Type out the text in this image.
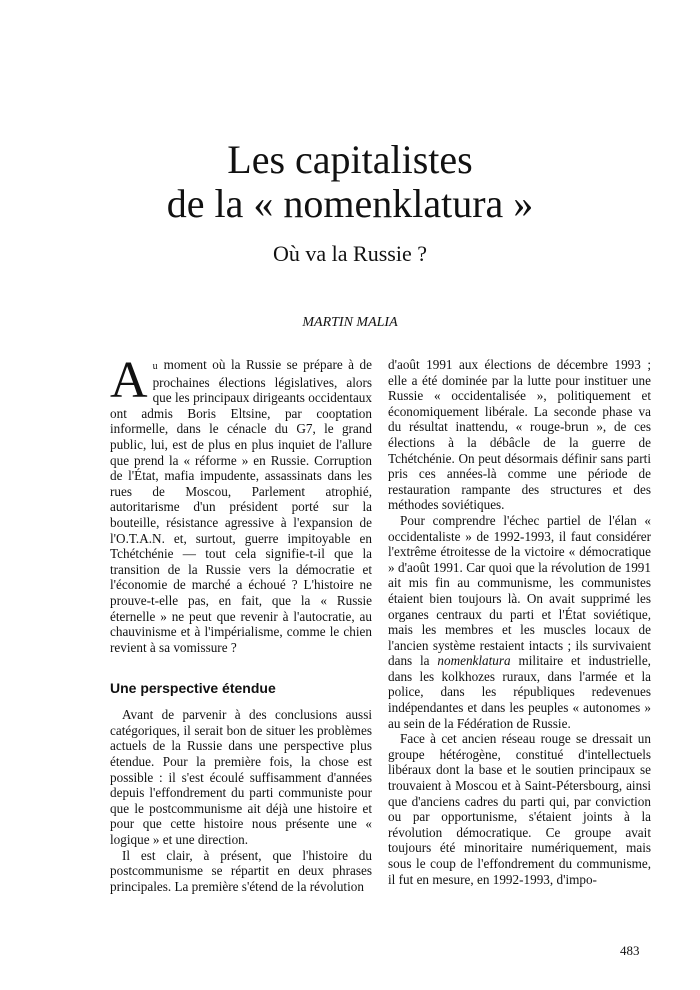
Les capitalistes
de la « nomenklatura »
Où va la Russie ?
MARTIN MALIA

Au moment où la Russie se prépare à de prochaines élections législatives, alors que les principaux dirigeants occidentaux ont admis Boris Eltsine, par cooptation informelle, dans le cénacle du G7, le grand public, lui, est de plus en plus inquiet de l'allure que prend la « réforme » en Russie. Corruption de l'État, mafia impudente, assassinats dans les rues de Moscou, Parlement atrophié, autoritarisme d'un président porté sur la bouteille, résistance agressive à l'expansion de l'O.T.A.N. et, surtout, guerre impitoyable en Tchétchénie — tout cela signifie-t-il que la transition de la Russie vers la démocratie et l'économie de marché a échoué ? L'histoire ne prouve-t-elle pas, en fait, que la « Russie éternelle » ne peut que revenir à l'autocratie, au chauvinisme et à l'impérialisme, comme le chien revient à sa vomissure ?

Une perspective étendue

Avant de parvenir à des conclusions aussi catégoriques, il serait bon de situer les problèmes actuels de la Russie dans une perspective plus étendue. Pour la première fois, la chose est possible : il s'est écoulé suffisamment d'années depuis l'effondrement du parti communiste pour que le postcommunisme ait déjà une histoire et pour que cette histoire nous présente une « logique » et une direction.

Il est clair, à présent, que l'histoire du postcommunisme se répartit en deux phrases principales. La première s'étend de la révolution

d'août 1991 aux élections de décembre 1993 ; elle a été dominée par la lutte pour instituer une Russie « occidentalisée », politiquement et économiquement libérale. La seconde phase va du résultat inattendu, « rouge-brun », de ces élections à la débâcle de la guerre de Tchétchénie. On peut désormais définir sans parti pris ces années-là comme une période de restauration rampante des structures et des méthodes soviétiques.

Pour comprendre l'échec partiel de l'élan « occidentaliste » de 1992-1993, il faut considérer l'extrême étroitesse de la victoire « démocratique » d'août 1991. Car quoi que la révolution de 1991 ait mis fin au communisme, les communistes étaient bien toujours là. On avait supprimé les organes centraux du parti et l'État soviétique, mais les membres et les muscles locaux de l'ancien système restaient intacts ; ils survivaient dans la nomenklatura militaire et industrielle, dans les kolkhozes ruraux, dans l'armée et la police, dans les républiques redevenues indépendantes et dans les peuples « autonomes » au sein de la Fédération de Russie.

Face à cet ancien réseau rouge se dressait un groupe hétérogène, constitué d'intellectuels libéraux dont la base et le soutien principaux se trouvaient à Moscou et à Saint-Pétersbourg, ainsi que d'anciens cadres du parti qui, par conviction ou par opportunisme, s'étaient joints à la révolution démocratique. Ce groupe avait toujours été minoritaire numériquement, mais sous le coup de l'effondrement du communisme, il fut en mesure, en 1992-1993, d'impo-

483
